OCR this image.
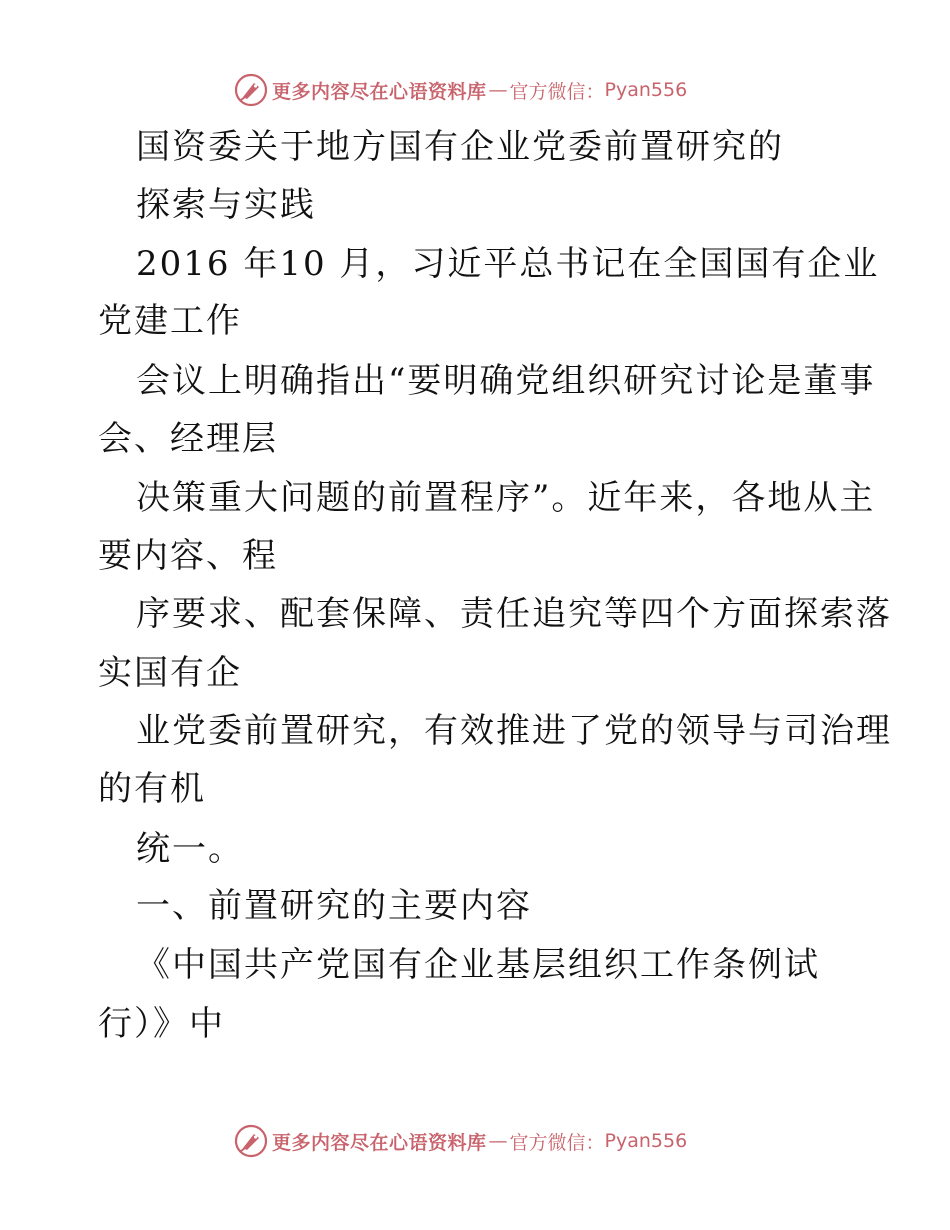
更多内容尽在心语资料库 — 官方微信： Pyan556
国资委关于地方国有企业党委前置研究的
探索与实践
2016 年10 月，习近平总书记在全国国有企业
党建工作
会议上明确指出“要明确党组织研究讨论是董事
会、经理层
决策重大问题的前置程序”。近年来，各地从主
要内容、程
序要求、配套保障、责任追究等四个方面探索落
实国有企
业党委前置研究，有效推进了党的领导与司治理
的有机
统一。
一、前置研究的主要内容
《中国共产党国有企业基层组织工作条例试
行）》中
更多内容尽在心语资料库 — 官方微信： Pyan556
